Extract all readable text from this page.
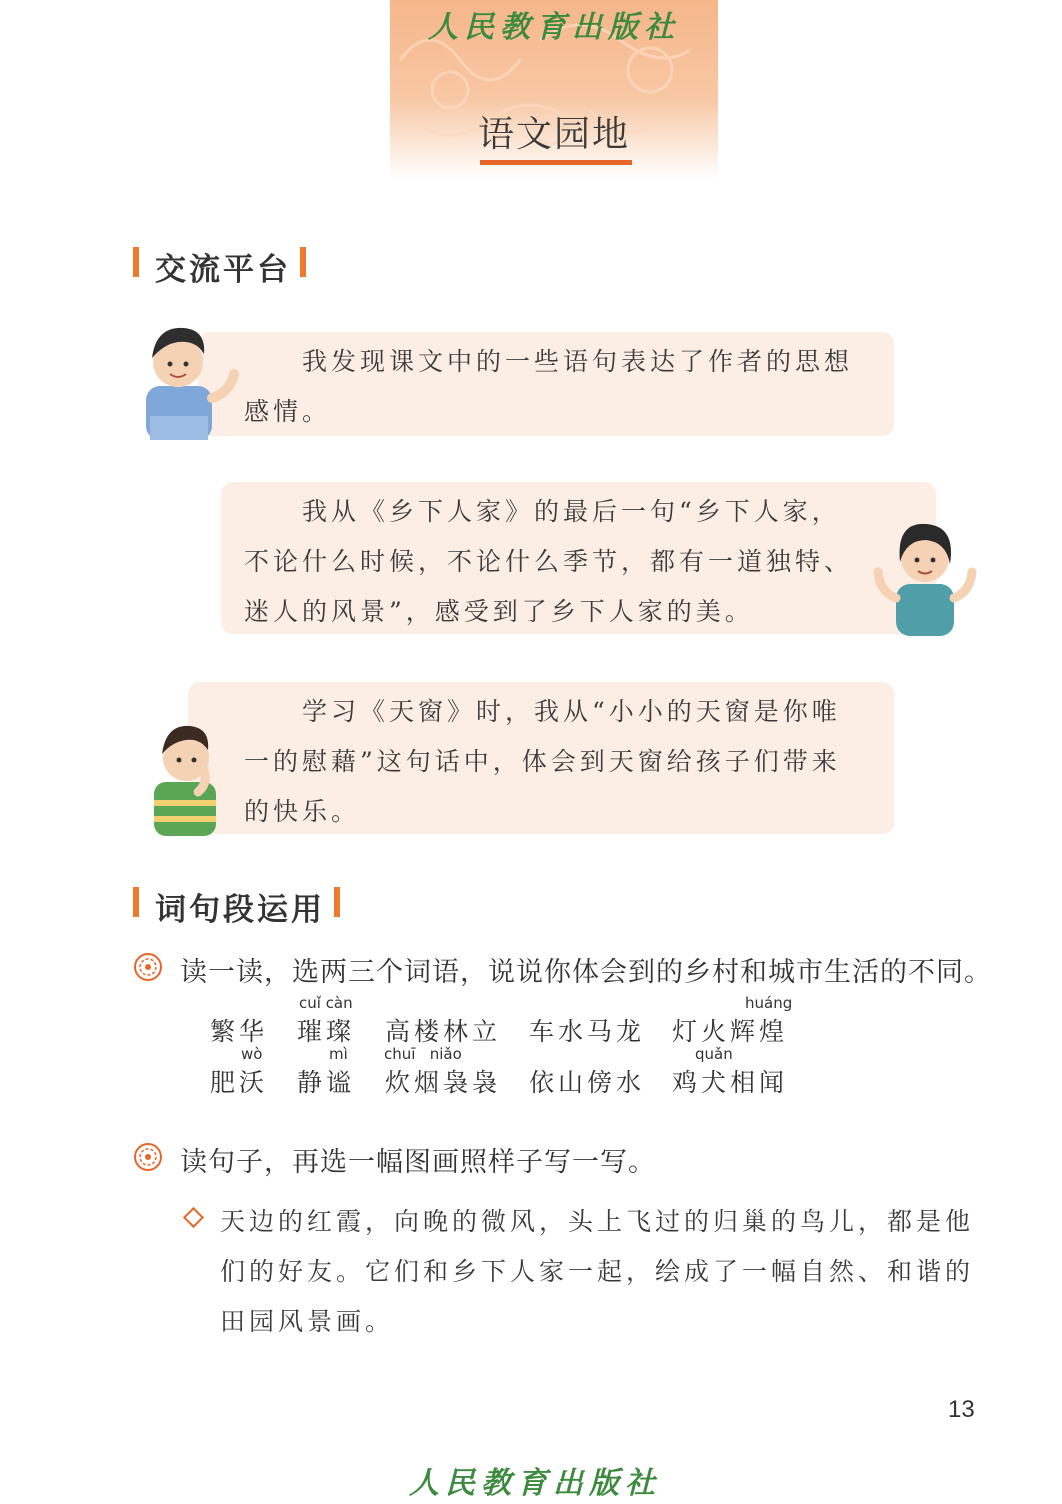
人民教育出版社
语文园地
交流平台
我发现课文中的一些语句表达了作者的思想
感情。
我从《乡下人家》的最后一句“乡下人家，
不论什么时候，不论什么季节，都有一道独特、
迷人的风景”，感受到了乡下人家的美。
学习《天窗》时，我从“小小的天窗是你唯
一的慰藉”这句话中，体会到天窗给孩子们带来
的快乐。
词句段运用
读一读，选两三个词语，说说你体会到的乡村和城市生活的不同。
cuǐ càn	huáng
繁华 璀璨 高楼林立 车水马龙 灯火辉煌
wò	mì chuī   niǎo	quǎn
肥沃 静谧 炊烟袅袅 依山傍水 鸡犬相闻
读句子，再选一幅图画照样子写一写。
天边的红霞，向晚的微风，头上飞过的归巢的鸟儿，都是他
们的好友。它们和乡下人家一起，绘成了一幅自然、和谐的
田园风景画。
13
人民教育出版社
